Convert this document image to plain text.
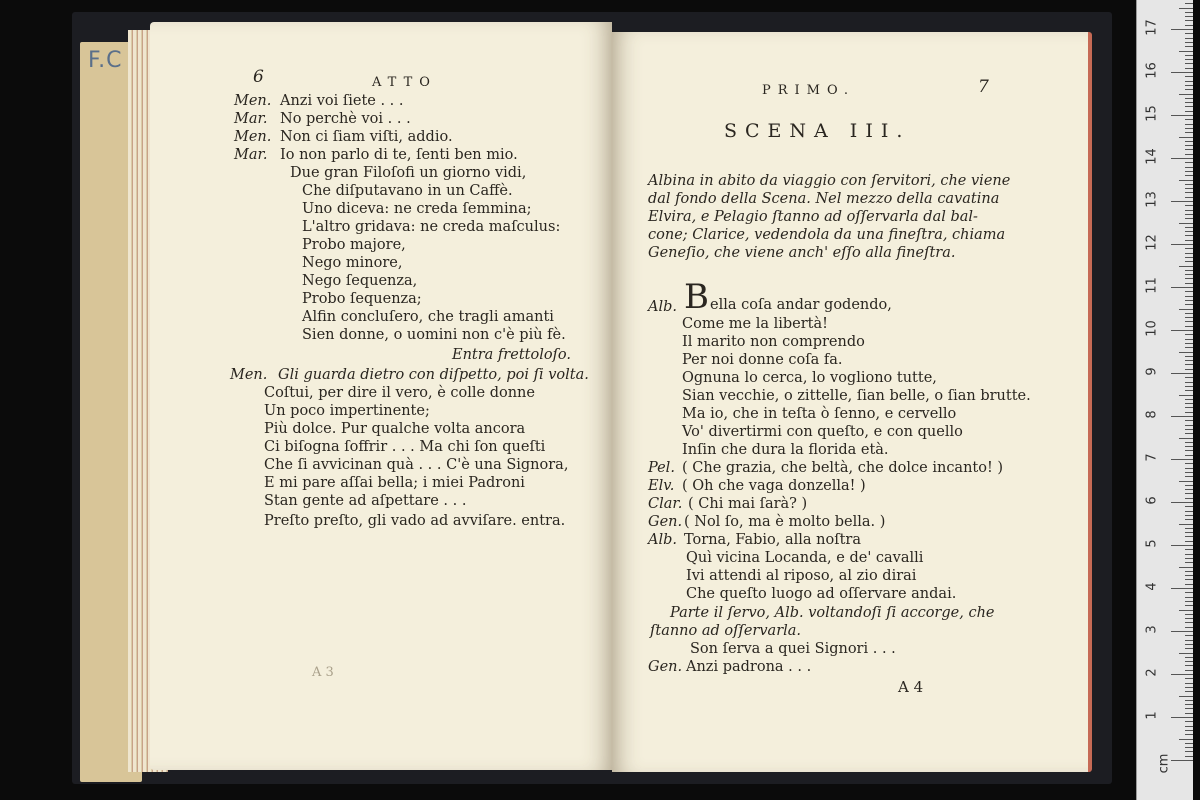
F.C
6	ATTO
Men. Anzi voi ſiete . . .
Mar. No perchè voi . . .
Men. Non ci ſiam viſti, addio.
Mar. Io non parlo di te, ſenti ben mio.
Due gran Filoſofi un giorno vidi,
Che diſputavano in un Caffè.
Uno diceva: ne creda ſemmina;
L'altro gridava: ne creda maſculus:
Probo majore,
Nego minore,
Nego ſequenza,
Probo ſequenza;
Alfin concluſero, che tragli amanti
Sien donne, o uomini non c'è più fè.
Entra frettoloſo.
Men. Gli guarda dietro con diſpetto, poi ſi volta.
Coſtui, per dire il vero, è colle donne
Un poco impertinente;
Più dolce. Pur qualche volta ancora
Ci biſogna ſoffrir . . . Ma chi ſon queſti
Che ſi avvicinan quà . . . C'è una Signora,
E mi pare aſſai bella; i miei Padroni
Stan gente ad aſpettare . . .
Preſto preſto, gli vado ad avviſare. entra.
A 3
PRIMO.	7
SCENA III.
Albina in abito da viaggio con ſervitori, che viene
dal fondo della Scena. Nel mezzo della cavatina
Elvira, e Pelagio ſtanno ad oſſervarla dal bal-
cone; Clarice, vedendola da una fineſtra, chiama
Geneſio, che viene anch' eſſo alla fineſtra.
Alb. B ella coſa andar godendo,
Come me la libertà!
Il marito non comprendo
Per noi donne coſa fa.
Ognuna lo cerca, lo vogliono tutte,
Sian vecchie, o zittelle, ſian belle, o ſian brutte.
Ma io, che in teſta ò ſenno, e cervello
Vo' divertirmi con queſto, e con quello
Inſin che dura la florida età.
Pel. ( Che grazia, che beltà, che dolce incanto! )
Elv. ( Oh che vaga donzella! )
Clar. ( Chi mai ſarà? )
Gen. ( Nol ſo, ma è molto bella. )
Alb. Torna, Fabio, alla noſtra
Quì vicina Locanda, e de' cavalli
Ivi attendi al riposo, al zio dirai
Che queſto luogo ad oſſervare andai.
Parte il ſervo, Alb. voltandoſi ſi accorge, che
ſtanno ad oſſervarla.
Son ſerva a quei Signori . . .
Gen. Anzi padrona . . .
A 4
cm
1
2
3
4
5
6
7
8
9
10
11
12
13
14
15
16
17
